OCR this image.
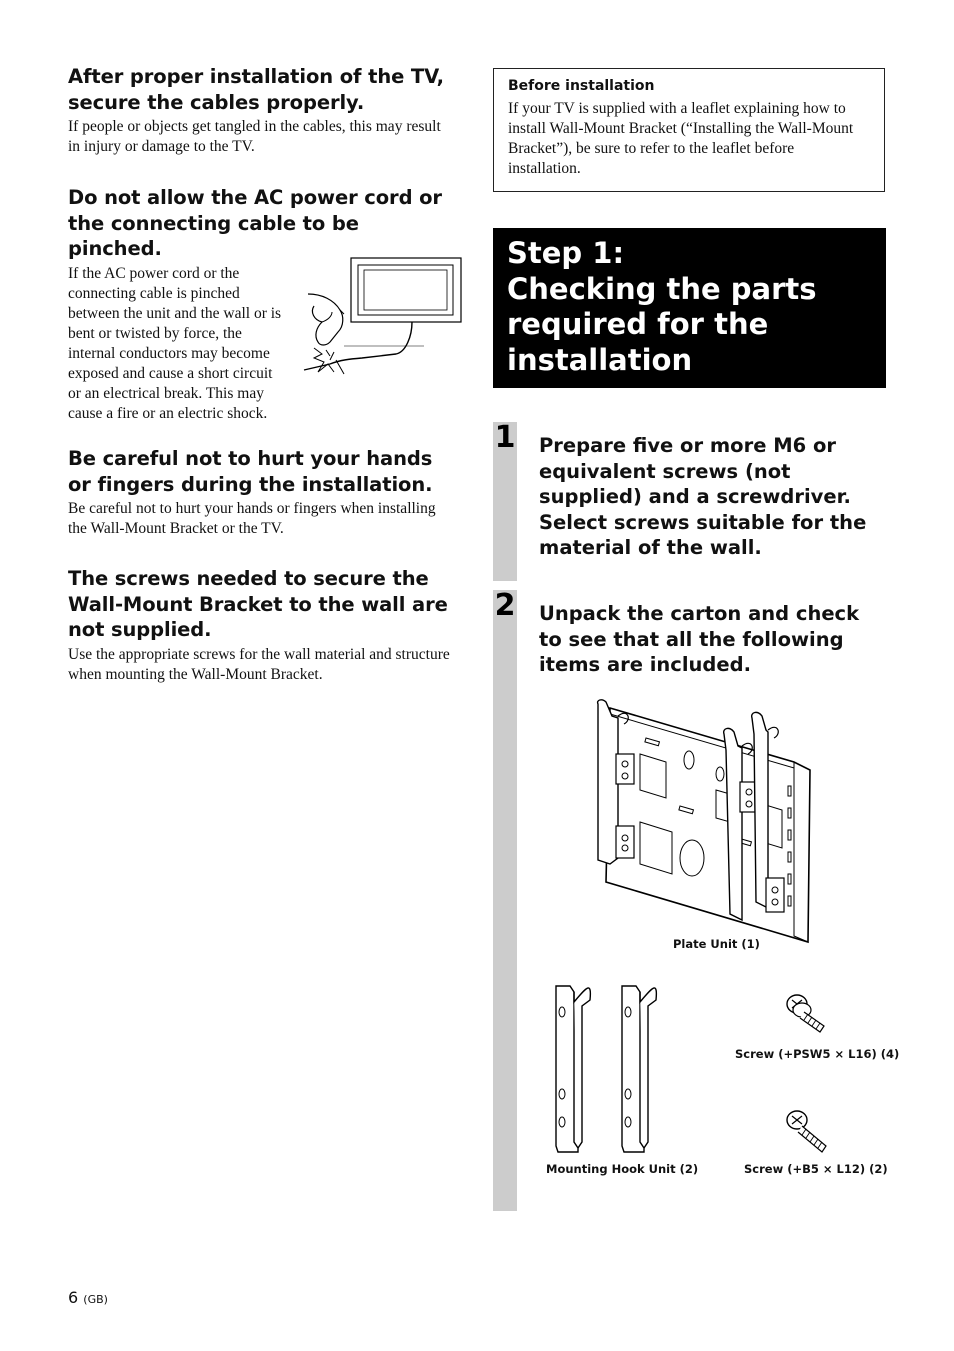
After proper installation of the TV, secure the cables properly.

If people or objects get tangled in the cables, this may result in injury or damage to the TV.

Do not allow the AC power cord or the connecting cable to be pinched.

If the AC power cord or the connecting cable is pinched between the unit and the wall or is bent or twisted by force, the internal conductors may become exposed and cause a short circuit or an electrical break. This may cause a fire or an electric shock.

Be careful not to hurt your hands or fingers during the installation.

Be careful not to hurt your hands or fingers when installing the Wall-Mount Bracket or the TV.

The screws needed to secure the Wall-Mount Bracket to the wall are not supplied.

Use the appropriate screws for the wall material and structure when mounting the Wall-Mount Bracket.

Before installation

If your TV is supplied with a leaflet explaining how to install Wall-Mount Bracket (“Installing the Wall-Mount Bracket”), be sure to refer to the leaflet before installation.

Step 1:
Checking the parts
required for the
installation
1 Prepare five or more M6 or equivalent screws (not supplied) and a screwdriver. Select screws suitable for the material of the wall.
2 Unpack the carton and check to see that all the following items are included.
Plate Unit (1)
Mounting Hook Unit (2)
Screw (+PSW5 × L16) (4)
Screw (+B5 × L12) (2)
6 (GB)
